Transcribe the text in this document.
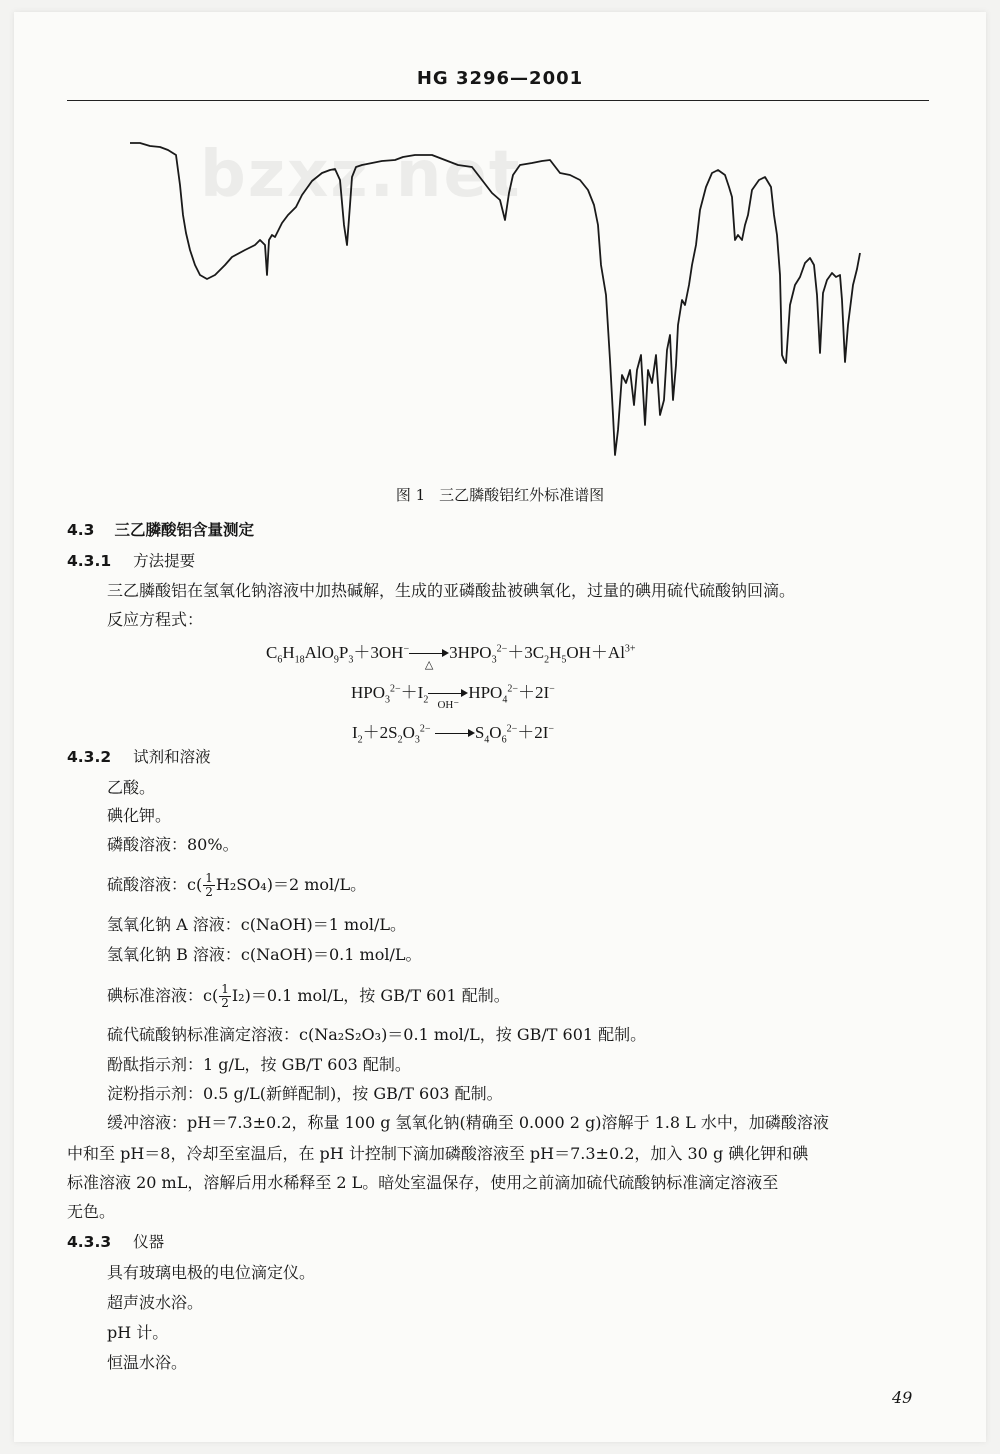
HG 3296—2001
bzxz.net
图 1 三乙膦酸铝红外标准谱图
4.3 三乙膦酸铝含量测定
4.3.1 方法提要
三乙膦酸铝在氢氧化钠溶液中加热碱解，生成的亚磷酸盐被碘氧化，过量的碘用硫代硫酸钠回滴。
反应方程式：
$C_6H_{18}AlO_9P_3+3OH^-$
△
$3HPO_3^{2-}+3C_2H_5OH+Al^{3+}$
$HPO_3^{2-}+I_2$ OH⁻
$HPO_4^{2-}+2I^-$
$I_2+2S_2O_3^{2-}$	$S_4O_6^{2-}+2I^-$
4.3.2 试剂和溶液
乙酸。
碘化钾。
磷酸溶液：80%。
硫酸溶液：$c( \frac{1}{2} H_2SO_4)=2$ mol/L。
氢氧化钠 A 溶液：c(NaOH)＝1 mol/L。
氢氧化钠 B 溶液：c(NaOH)＝0.1 mol/L。
碘标准溶液：$c( \frac{1}{2} I_2)=0.1$ mol/L，按 GB/T 601 配制。
硫代硫酸钠标准滴定溶液：c(Na₂S₂O₃)＝0.1 mol/L，按 GB/T 601 配制。
酚酞指示剂：1 g/L，按 GB/T 603 配制。
淀粉指示剂：0.5 g/L(新鲜配制)，按 GB/T 603 配制。
缓冲溶液：pH＝7.3±0.2，称量 100 g 氢氧化钠(精确至 0.000 2 g)溶解于 1.8 L 水中，加磷酸溶液
中和至 pH＝8，冷却至室温后，在 pH 计控制下滴加磷酸溶液至 pH＝7.3±0.2，加入 30 g 碘化钾和碘
标准溶液 20 mL，溶解后用水稀释至 2 L。暗处室温保存，使用之前滴加硫代硫酸钠标准滴定溶液至
无色。
4.3.3 仪器
具有玻璃电极的电位滴定仪。
超声波水浴。
pH 计。
恒温水浴。
49
